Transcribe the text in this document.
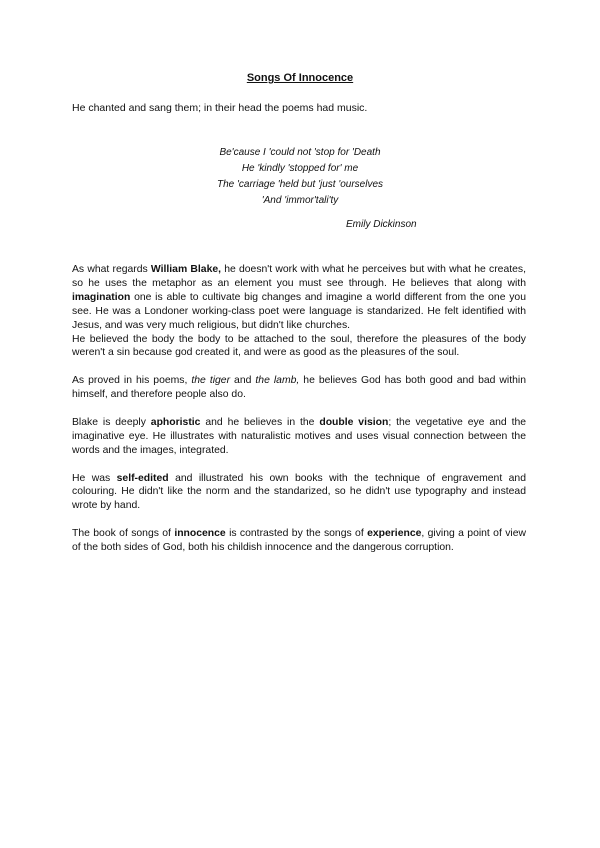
Songs Of Innocence
He chanted and sang them; in their head the poems had music.
Be'cause I 'could not 'stop for 'Death
He 'kindly 'stopped for' me
The 'carriage 'held but 'just 'ourselves
'And 'immor'tali'ty
Emily Dickinson

As what regards William Blake, he doesn't work with what he perceives but with what he creates, so he uses the metaphor as an element you must see through. He believes that along with imagination one is able to cultivate big changes and imagine a world different from the one you see. He was a Londoner working-class poet were language is standarized. He felt identified with Jesus, and was very much religious, but didn't like churches.

He believed the body the body to be attached to the soul, therefore the pleasures of the body weren't a sin because god created it, and were as good as the pleasures of the soul.

As proved in his poems, the tiger and the lamb, he believes God has both good and bad within himself, and therefore people also do.

Blake is deeply aphoristic and he believes in the double vision; the vegetative eye and the imaginative eye. He illustrates with naturalistic motives and uses visual connection between the words and the images, integrated.

He was self-edited and illustrated his own books with the technique of engravement and colouring. He didn't like the norm and the standarized, so he didn't use typography and instead wrote by hand.

The book of songs of innocence is contrasted by the songs of experience, giving a point of view of the both sides of God, both his childish innocence and the dangerous corruption.
